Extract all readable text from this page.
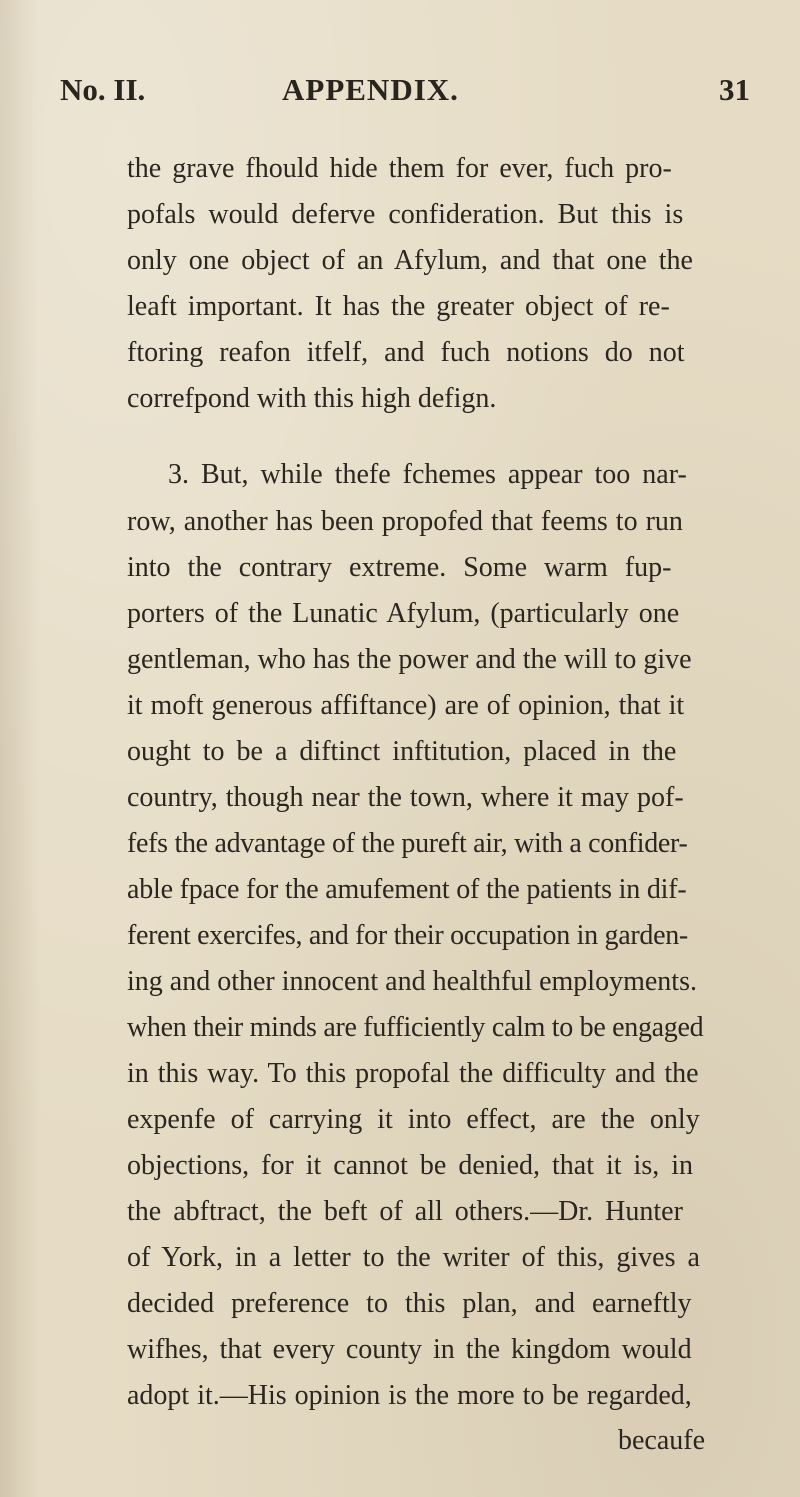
No. II.	APPENDIX.	31
the grave fhould hide them for ever, fuch pro-
pofals would deferve confideration. But this is
only one object of an Afylum, and that one the
leaft important. It has the greater object of re-
ftoring reafon itfelf, and fuch notions do not
correfpond with this high defign.
3. But, while thefe fchemes appear too nar-
row, another has been propofed that feems to run
into the contrary extreme. Some warm fup-
porters of the Lunatic Afylum, (particularly one
gentleman, who has the power and the will to give
it moft generous affiftance) are of opinion, that it
ought to be a diftinct inftitution, placed in the
country, though near the town, where it may pof-
fefs the advantage of the pureft air, with a confider-
able fpace for the amufement of the patients in dif-
ferent exercifes, and for their occupation in garden-
ing and other innocent and healthful employments.
when their minds are fufficiently calm to be engaged
in this way. To this propofal the difficulty and the
expenfe of carrying it into effect, are the only
objections, for it cannot be denied, that it is, in
the abftract, the beft of all others.—Dr. Hunter
of York, in a letter to the writer of this, gives a
decided preference to this plan, and earneftly
wifhes, that every county in the kingdom would
adopt it.—His opinion is the more to be regarded,
becaufe
